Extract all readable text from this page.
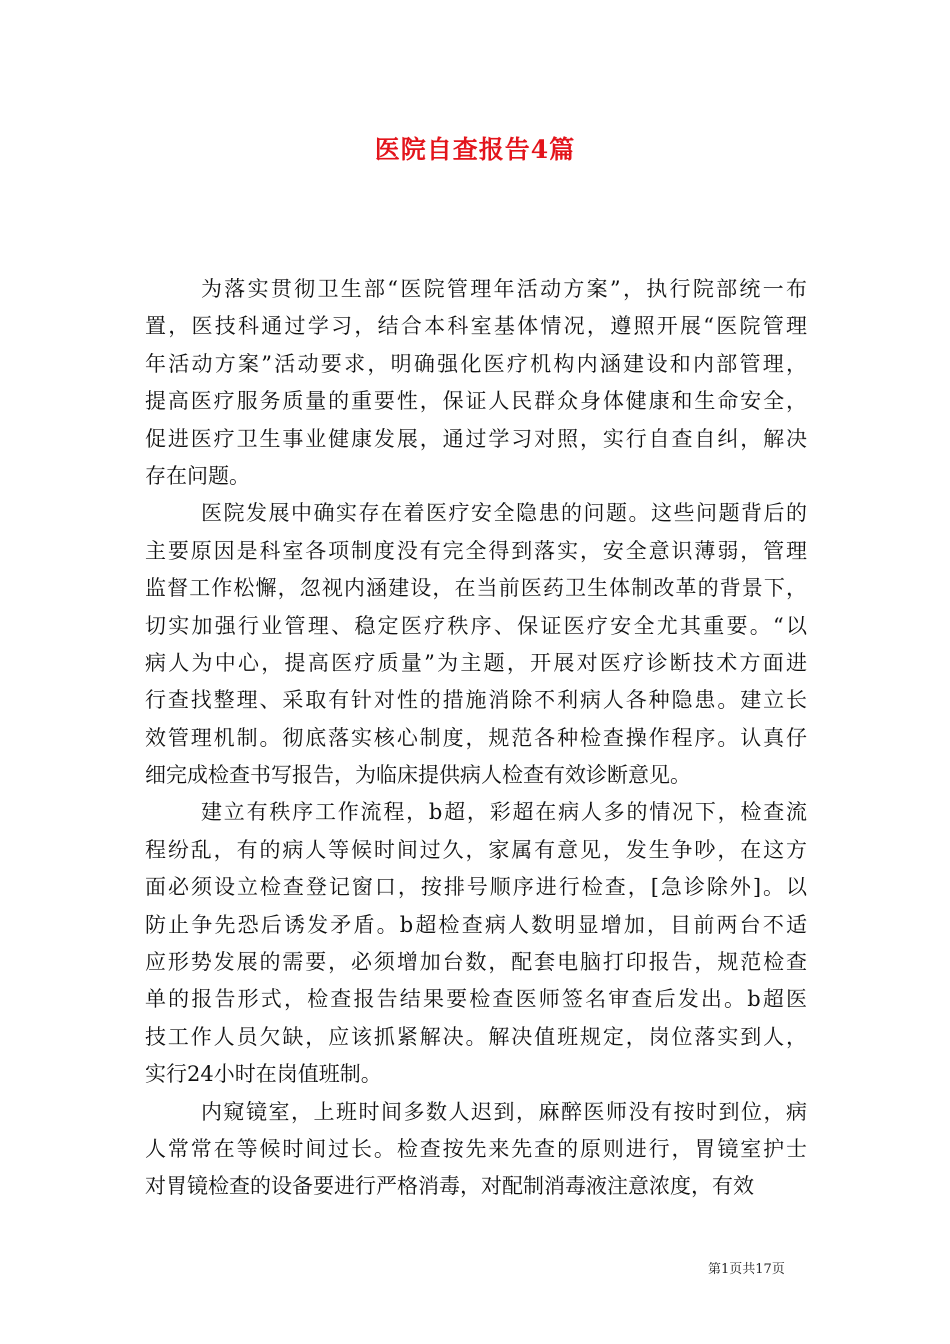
医院自查报告4篇
为落实贯彻卫生部“医院管理年活动方案”，执行院部统一布
置，医技科通过学习，结合本科室基体情况，遵照开展“医院管理
年活动方案”活动要求，明确强化医疗机构内涵建设和内部管理，
提高医疗服务质量的重要性，保证人民群众身体健康和生命安全，
促进医疗卫生事业健康发展，通过学习对照，实行自查自纠，解决
存在问题。
医院发展中确实存在着医疗安全隐患的问题。这些问题背后的
主要原因是科室各项制度没有完全得到落实，安全意识薄弱，管理
监督工作松懈，忽视内涵建设，在当前医药卫生体制改革的背景下，
切实加强行业管理、稳定医疗秩序、保证医疗安全尤其重要。“以
病人为中心，提高医疗质量”为主题，开展对医疗诊断技术方面进
行查找整理、采取有针对性的措施消除不利病人各种隐患。建立长
效管理机制。彻底落实核心制度，规范各种检查操作程序。认真仔
细完成检查书写报告，为临床提供病人检查有效诊断意见。
建立有秩序工作流程，b超，彩超在病人多的情况下，检查流
程纷乱，有的病人等候时间过久，家属有意见，发生争吵，在这方
面必须设立检查登记窗口，按排号顺序进行检查，[急诊除外]。以
防止争先恐后诱发矛盾。b超检查病人数明显增加，目前两台不适
应形势发展的需要，必须增加台数，配套电脑打印报告，规范检查
单的报告形式，检查报告结果要检查医师签名审查后发出。b超医
技工作人员欠缺，应该抓紧解决。解决值班规定，岗位落实到人，
实行24小时在岗值班制。
内窥镜室，上班时间多数人迟到，麻醉医师没有按时到位，病
人常常在等候时间过长。检查按先来先查的原则进行，胃镜室护士
对胃镜检查的设备要进行严格消毒，对配制消毒液注意浓度，有效
第1页共17页
